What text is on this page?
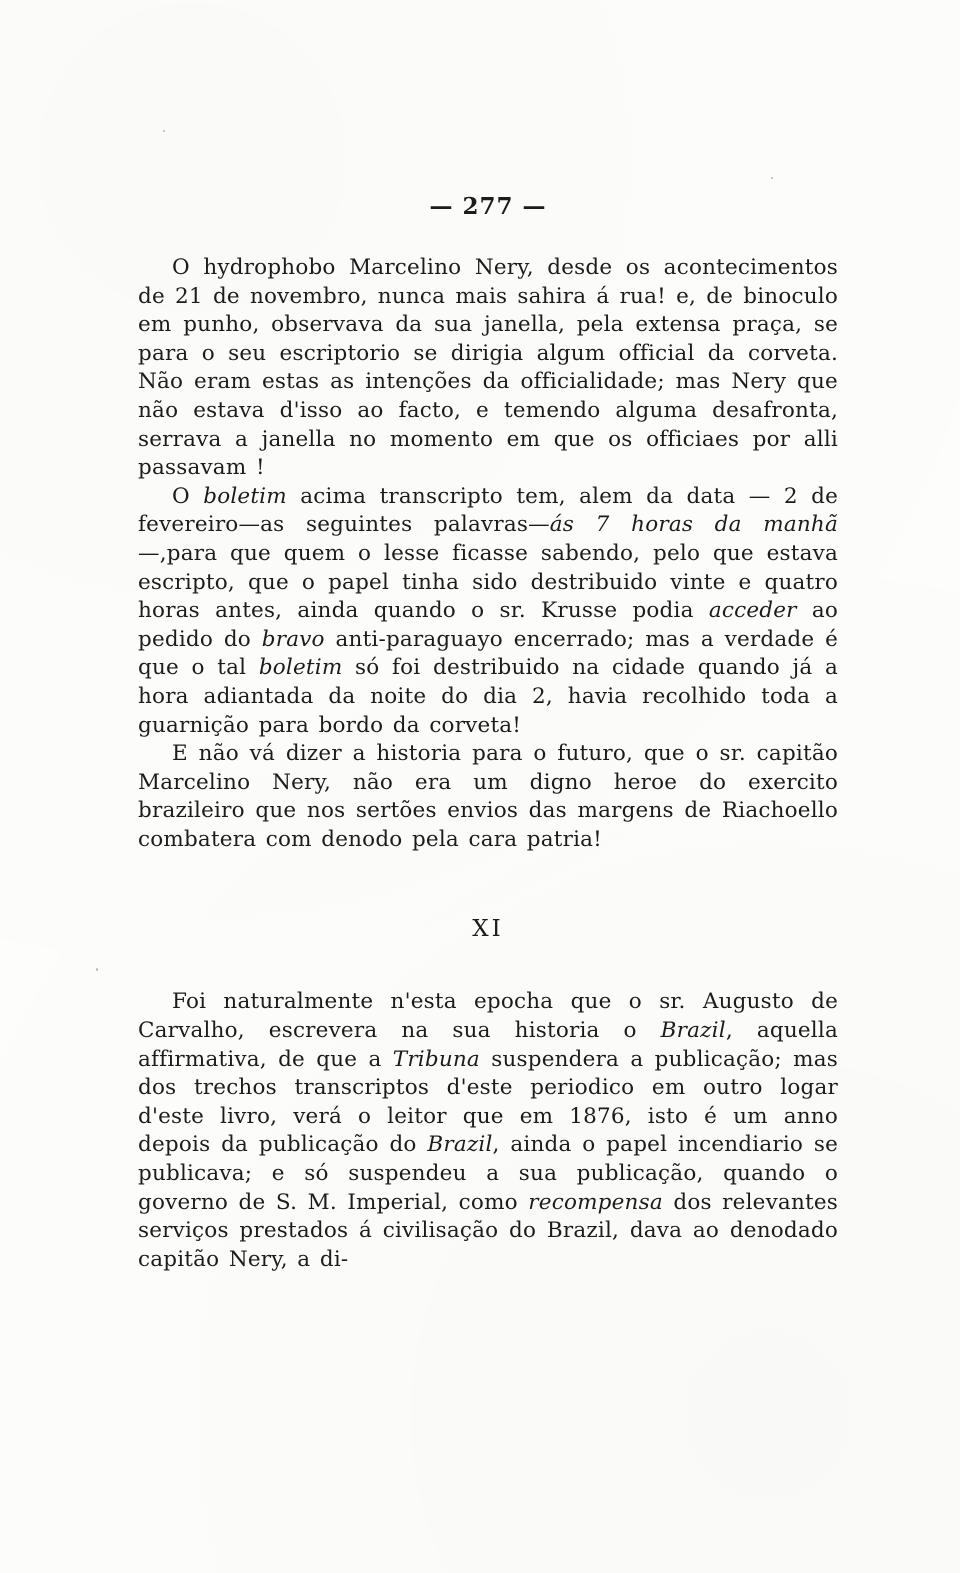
— 277 —

O hydrophobo Marcelino Nery, desde os acontecimentos de 21 de novembro, nunca mais sahira á rua! e, de binoculo em punho, observava da sua janella, pela extensa praça, se para o seu escriptorio se dirigia algum official da corveta. Não eram estas as intenções da officialidade; mas Nery que não estava d'isso ao facto, e temendo alguma desafronta, serrava a janella no momento em que os officiaes por alli passavam !

O boletim acima transcripto tem, alem da data — 2 de fevereiro—as seguintes palavras—ás 7 horas da manhã—,para que quem o lesse ficasse sabendo, pelo que estava escripto, que o papel tinha sido destribuido vinte e quatro horas antes, ainda quando o sr. Krusse podia acceder ao pedido do bravo anti-paraguayo encerrado; mas a verdade é que o tal boletim só foi destribuido na cidade quando já a hora adiantada da noite do dia 2, havia recolhido toda a guarnição para bordo da corveta!

E não vá dizer a historia para o futuro, que o sr. capitão Marcelino Nery, não era um digno heroe do exercito brazileiro que nos sertões envios das margens de Riachoello combatera com denodo pela cara patria!

XI

Foi naturalmente n'esta epocha que o sr. Augusto de Carvalho, escrevera na sua historia o Brazil, aquella affirmativa, de que a Tribuna suspendera a publicação; mas dos trechos transcriptos d'este periodico em outro logar d'este livro, verá o leitor que em 1876, isto é um anno depois da publicação do Brazil, ainda o papel incendiario se publicava; e só suspendeu a sua publicação, quando o governo de S. M. Imperial, como recompensa dos relevantes serviços prestados á civilisação do Brazil, dava ao denodado capitão Nery, a di-
